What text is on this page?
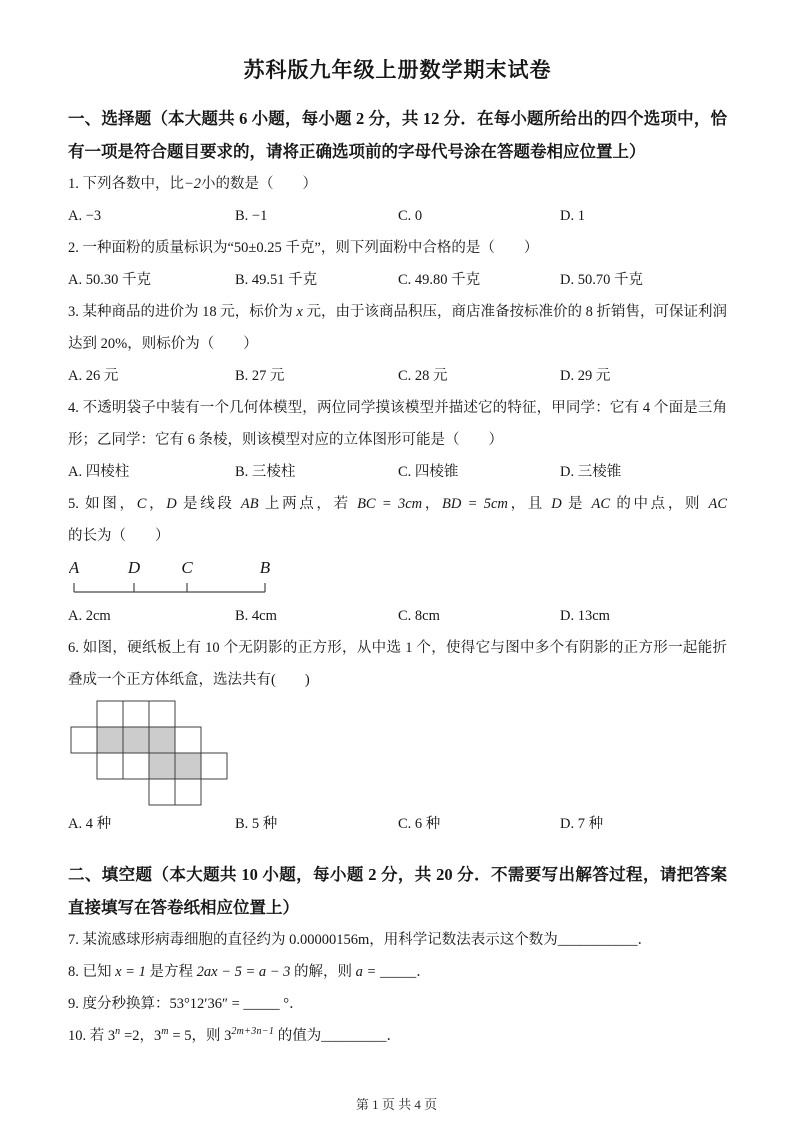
苏科版九年级上册数学期末试卷
一、选择题（本大题共 6 小题，每小题 2 分，共 12 分．在每小题所给出的四个选项中，恰有一项是符合题目要求的，请将正确选项前的字母代号涂在答题卷相应位置上）
1. 下列各数中，比−2小的数是（　　）
A. −3	B. −1	C. 0	D. 1
2. 一种面粉的质量标识为“50±0.25 千克”，则下列面粉中合格的是（　　）
A. 50.30 千克	B. 49.51 千克	C. 49.80 千克	D. 50.70 千克
3. 某种商品的进价为 18 元，标价为 x 元，由于该商品积压，商店准备按标准价的 8 折销售，可保证利润达到 20%，则标价为（　　）
A. 26 元	B. 27 元	C. 28 元	D. 29 元
4. 不透明袋子中装有一个几何体模型，两位同学摸该模型并描述它的特征，甲同学：它有 4 个面是三角形；乙同学：它有 6 条棱，则该模型对应的立体图形可能是（　　）
A. 四棱柱	B. 三棱柱	C. 四棱锥	D. 三棱锥
5. 如图，C，D 是线段 AB 上两点，若 BC = 3cm，BD = 5cm，且 D 是 AC 的中点，则 AC 的长为（　　）
A	D C	B
A. 2cm	B. 4cm	C. 8cm	D. 13cm
6. 如图，硬纸板上有 10 个无阴影的正方形，从中选 1 个，使得它与图中多个有阴影的正方形一起能折叠成一个正方体纸盒，选法共有(　　)
A. 4 种	B. 5 种	C. 6 种	D. 7 种
二、填空题（本大题共 10 小题，每小题 2 分，共 20 分．不需要写出解答过程，请把答案直接填写在答卷纸相应位置上）
7. 某流感球形病毒细胞的直径约为 0.00000156m，用科学记数法表示这个数为___________．
8. 已知 x = 1 是方程 2ax − 5 = a − 3 的解，则 a = _____．
9. 度分秒换算：53°12′36″ = _____ °．
10. 若 $3^n =2$，$3^m = 5$，则 $3^{2m+3n-1}$ 的值为_________．
第 1 页 共 4 页
